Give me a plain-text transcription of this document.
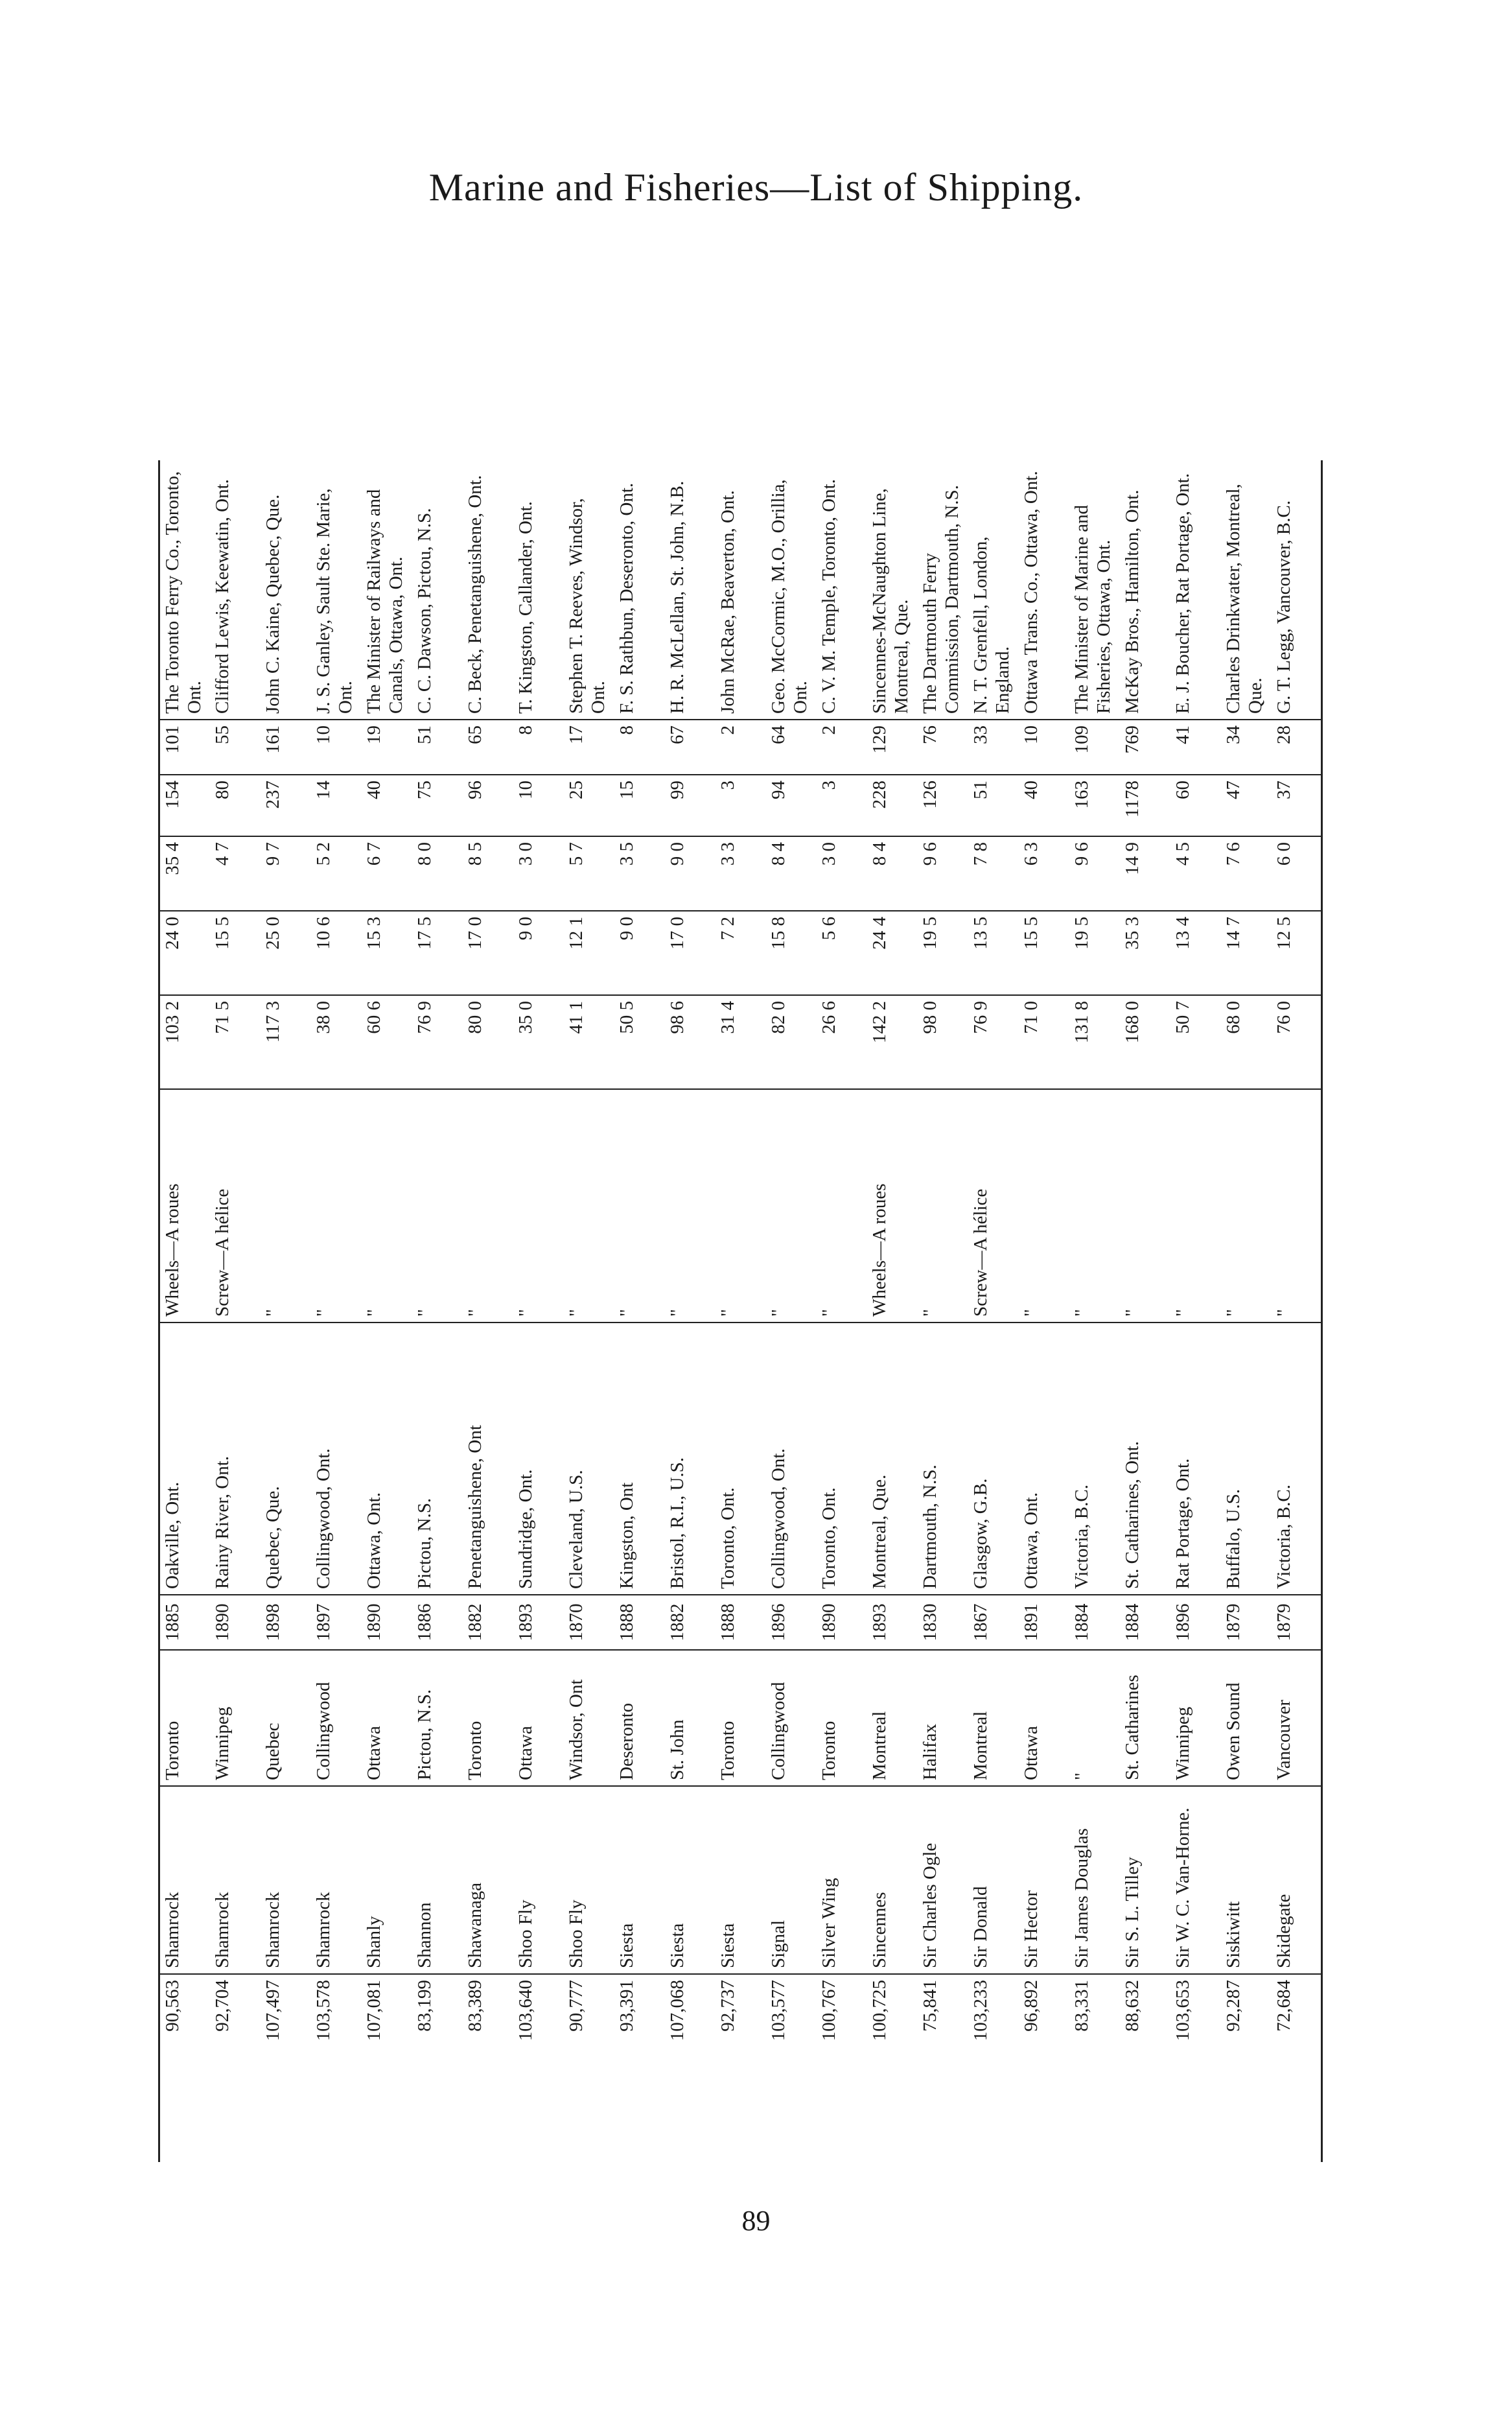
Marine and Fisheries—List of Shipping.
90,563	Shamrock	Toronto	1885	Oakville, Ont.	Wheels—A roues	103 2	24 0	35 4	154	101	The Toronto Ferry Co., Toronto, Ont.
92,704	Shamrock	Winnipeg	1890	Rainy River, Ont.	Screw—A hélice	71 5	15 5	4 7	80	55	Clifford Lewis, Keewatin, Ont.
107,497	Shamrock	Quebec	1898	Quebec, Que.	"	117 3	25 0	9 7	237	161	John C. Kaine, Quebec, Que.
103,578	Shamrock	Collingwood	1897	Collingwood, Ont.	"	38 0	10 6	5 2	14	10	J. S. Ganley, Sault Ste. Marie, Ont.
107,081	Shanly	Ottawa	1890	Ottawa, Ont.	"	60 6	15 3	6 7	40	19	The Minister of Railways and Canals, Ottawa, Ont.
83,199	Shannon	Pictou, N.S.	1886	Pictou, N.S.	"	76 9	17 5	8 0	75	51	C. C. Dawson, Pictou, N.S.
83,389	Shawanaga	Toronto	1882	Penetanguishene, Ont	"	80 0	17 0	8 5	96	65	C. Beck, Penetanguishene, Ont.
103,640	Shoo Fly	Ottawa	1893	Sundridge, Ont.	"	35 0	9 0	3 0	10	8	T. Kingston, Callander, Ont.
90,777	Shoo Fly	Windsor, Ont	1870	Cleveland, U.S.	"	41 1	12 1	5 7	25	17	Stephen T. Reeves, Windsor, Ont.
93,391	Siesta	Deseronto	1888	Kingston, Ont	"	50 5	9 0	3 5	15	8	F. S. Rathbun, Deseronto, Ont.
107,068	Siesta	St. John	1882	Bristol, R.I., U.S.	"	98 6	17 0	9 0	99	67	H. R. McLellan, St. John, N.B.
92,737	Siesta	Toronto	1888	Toronto, Ont.	"	31 4	7 2	3 3	3	2	John McRae, Beaverton, Ont.
103,577	Signal	Collingwood	1896	Collingwood, Ont.	"	82 0	15 8	8 4	94	64	Geo. McCormic, M.O., Orillia, Ont.
100,767	Silver Wing	Toronto	1890	Toronto, Ont.	"	26 6	5 6	3 0	3	2	C. V. M. Temple, Toronto, Ont.
100,725	Sincennes	Montreal	1893	Montreal, Que.	Wheels—A roues	142 2	24 4	8 4	228	129	Sincennes-McNaughton Line, Montreal, Que.
75,841	Sir Charles Ogle	Halifax	1830	Dartmouth, N.S.	"	98 0	19 5	9 6	126	76	The Dartmouth Ferry Commission, Dartmouth, N.S.
103,233	Sir Donald	Montreal	1867	Glasgow, G.B.	Screw—A hélice	76 9	13 5	7 8	51	33	N. T. Grenfell, London, England.
96,892	Sir Hector	Ottawa	1891	Ottawa, Ont.	"	71 0	15 5	6 3	40	10	Ottawa Trans. Co., Ottawa, Ont.
83,331	Sir James Douglas	"	1884	Victoria, B.C.	"	131 8	19 5	9 6	163	109	The Minister of Marine and Fisheries, Ottawa, Ont.
88,632	Sir S. L. Tilley	St. Catharines	1884	St. Catharines, Ont.	"	168 0	35 3	14 9	1178	769	McKay Bros., Hamilton, Ont.
103,653	Sir W. C. Van-Horne.	Winnipeg	1896	Rat Portage, Ont.	"	50 7	13 4	4 5	60	41	E. J. Boucher, Rat Portage, Ont.
92,287	Siskiwitt	Owen Sound	1879	Buffalo, U.S.	"	68 0	14 7	7 6	47	34	Charles Drinkwater, Montreal, Que.
72,684	Skidegate	Vancouver	1879	Victoria, B.C.	"	76 0	12 5	6 0	37	28	G. T. Legg, Vancouver, B.C.
89
